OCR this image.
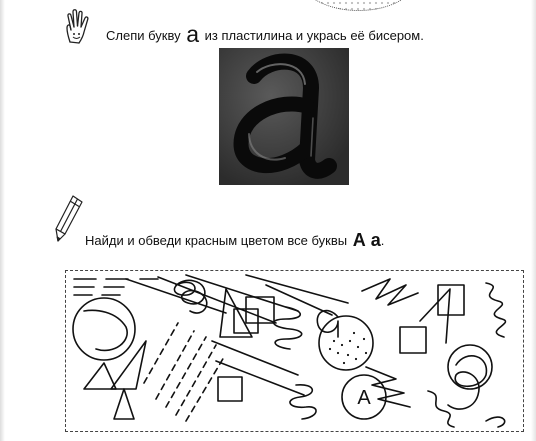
Слепи букву а из пластилина и укрась её бисером.
Найди и обведи красным цветом все буквы А а.
А
